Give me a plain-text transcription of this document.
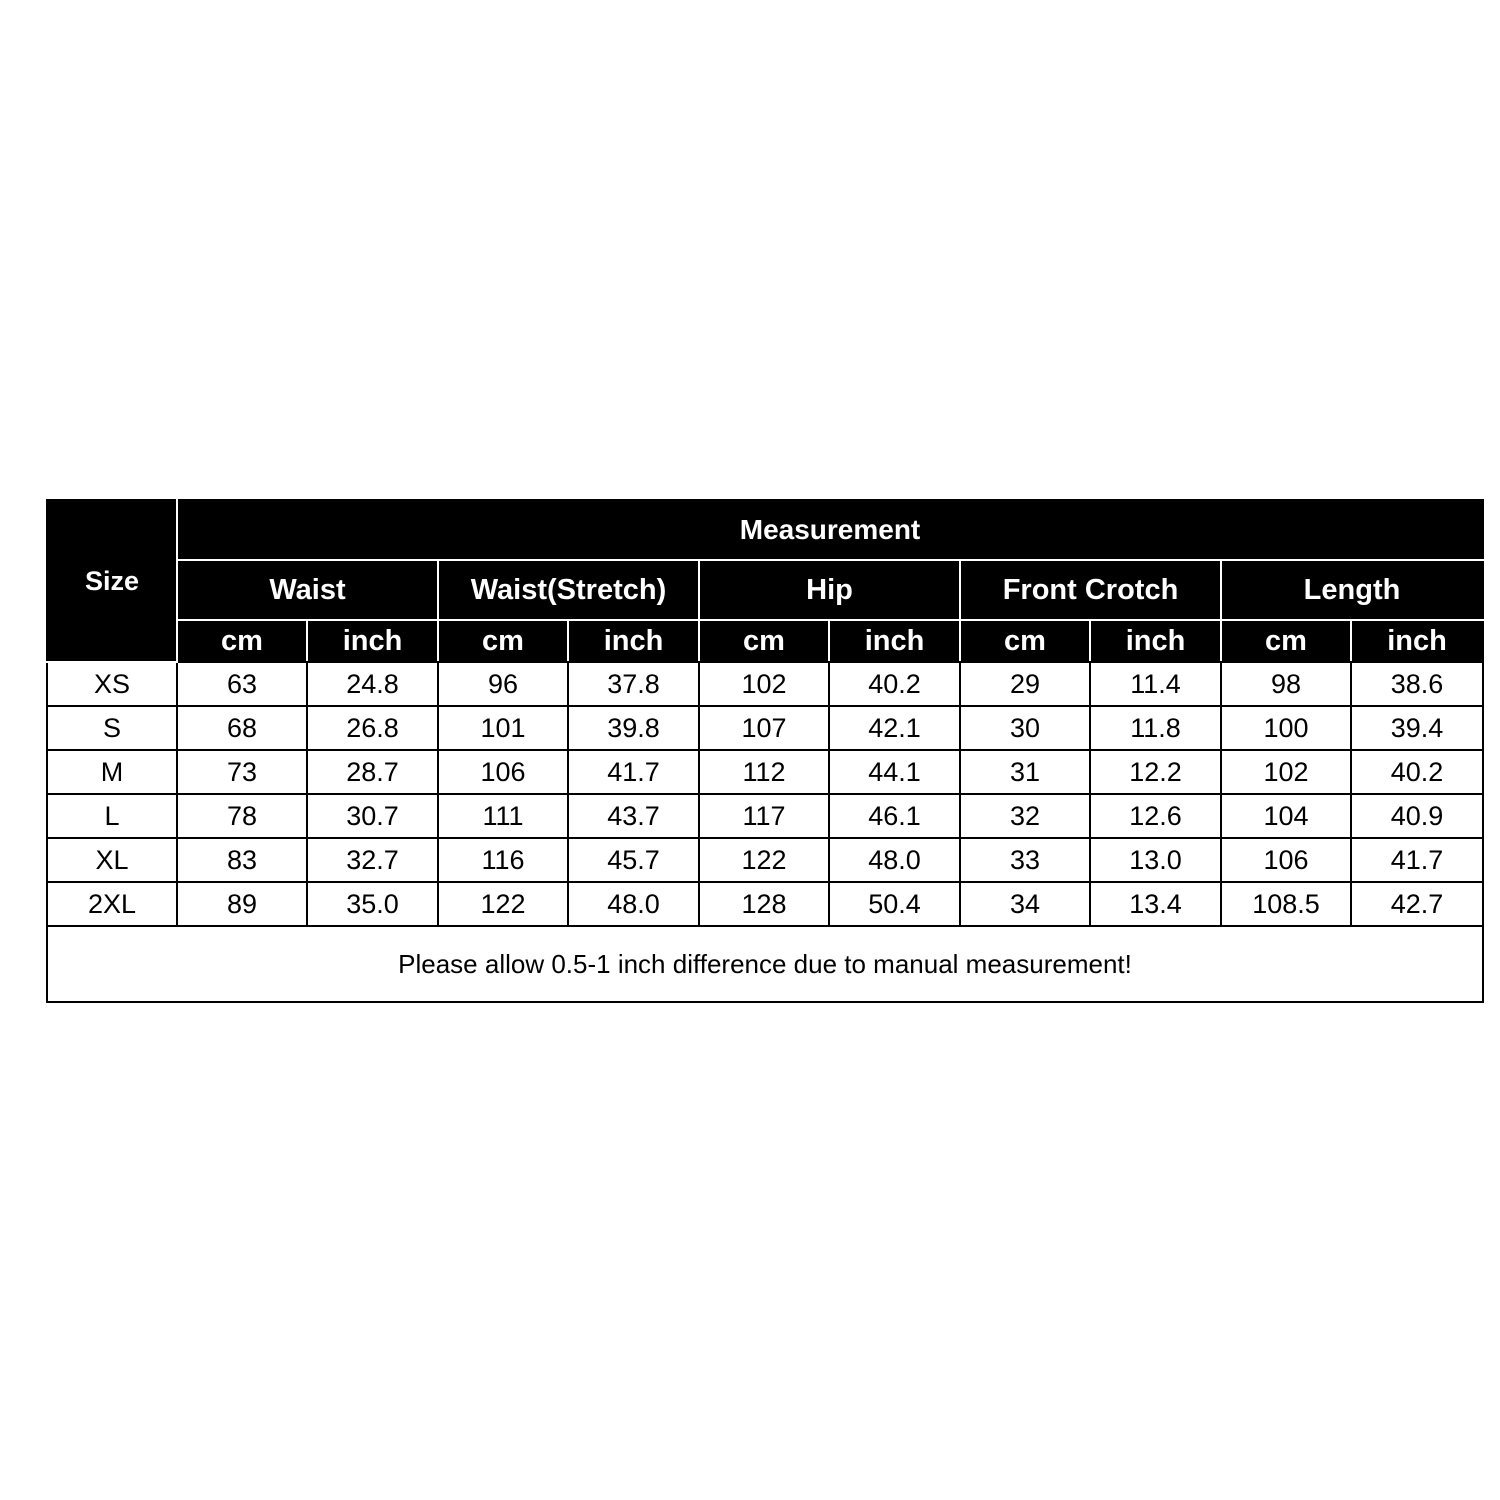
Size	Measurement									
	Waist		Waist(Stretch)		Hip		Front Crotch		Length	
	cm	inch	cm	inch	cm	inch	cm	inch	cm	inch
XS	63	24.8	96	37.8	102	40.2	29	11.4	98	38.6
S	68	26.8	101	39.8	107	42.1	30	11.8	100	39.4
M	73	28.7	106	41.7	112	44.1	31	12.2	102	40.2
L	78	30.7	111	43.7	117	46.1	32	12.6	104	40.9
XL	83	32.7	116	45.7	122	48.0	33	13.0	106	41.7
2XL	89	35.0	122	48.0	128	50.4	34	13.4	108.5	42.7
Please allow 0.5-1 inch difference due to manual measurement!										
